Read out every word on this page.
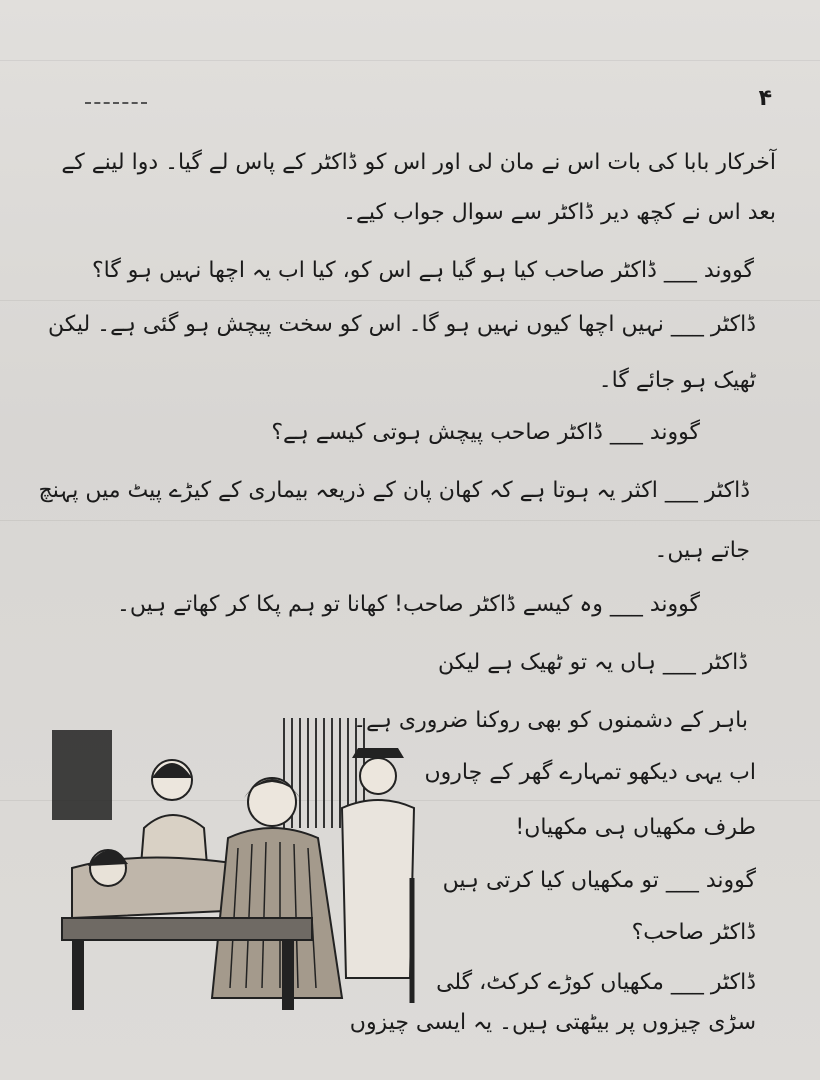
۴
آخرکار بابا کی بات اس نے مان لی اور اس کو ڈاکٹر کے پاس لے گیا۔ دوا لینے کے
بعد اس نے کچھ دیر ڈاکٹر سے سوال جواب کیے۔
گووند ___ ڈاکٹر صاحب کیا ہو گیا ہے اس کو، کیا اب یہ اچھا نہیں ہو گا؟
ڈاکٹر ___ نہیں اچھا کیوں نہیں ہو گا۔ اس کو سخت پیچش ہو گئی ہے۔ لیکن
ٹھیک ہو جائے گا۔
گووند ___ ڈاکٹر صاحب پیچش ہوتی کیسے ہے؟
ڈاکٹر ___ اکثر یہ ہوتا ہے کہ کھان پان کے ذریعہ بیماری کے کیڑے پیٹ میں پہنچ
جاتے ہیں۔
گووند ___ وہ کیسے ڈاکٹر صاحب! کھانا تو ہم پکا کر کھاتے ہیں۔
ڈاکٹر ___ ہاں یہ تو ٹھیک ہے لیکن
باہر کے دشمنوں کو بھی روکنا ضروری ہے۔
اب یہی دیکھو تمہارے گھر کے چاروں
طرف مکھیاں ہی مکھیاں!
گووند ___ تو مکھیاں کیا کرتی ہیں
ڈاکٹر صاحب؟
ڈاکٹر ___ مکھیاں کوڑے کرکٹ، گلی
سڑی چیزوں پر بیٹھتی ہیں۔ یہ ایسی چیزوں
